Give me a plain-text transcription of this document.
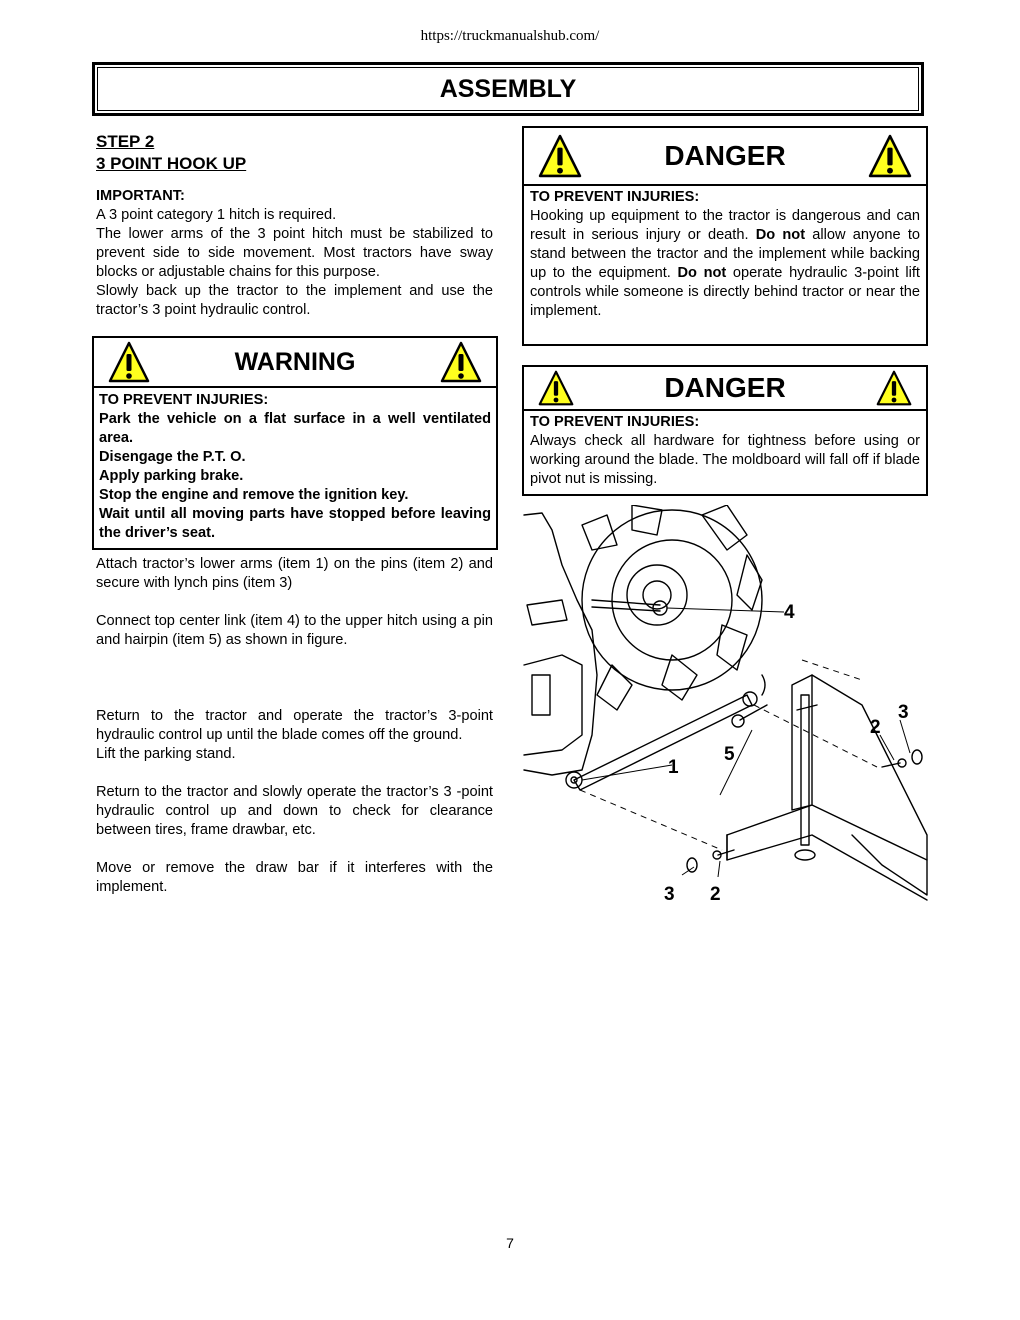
https://truckmanualshub.com/
ASSEMBLY
STEP 2
3 POINT HOOK UP
IMPORTANT:
A 3 point category 1 hitch is required.
The lower arms of the 3 point hitch must be stabilized to prevent side to side movement. Most tractors have sway blocks or adjustable chains for this purpose.
Slowly back up the tractor to the implement and use the tractor’s 3 point hydraulic control.
WARNING
TO PREVENT INJURIES:
Park the vehicle on a flat surface in a well ventilated area.
Disengage the P.T. O.
Apply parking brake.
Stop the engine and remove the ignition key.
Wait until all moving parts have stopped before leaving the driver’s seat.
Attach tractor’s lower arms (item 1) on the pins (item 2) and secure with lynch pins (item 3)
Connect top center link (item 4) to the upper hitch using a pin and hairpin (item 5) as shown in figure.
Return to the tractor and operate the tractor’s 3-point hydraulic control up until the blade comes off the ground.
Lift the parking stand.
Return to the tractor and slowly operate the tractor’s 3 -point hydraulic control up and down to check for clearance between tires, frame drawbar, etc.
Move or remove the draw bar if it interferes with the implement.
DANGER
TO PREVENT INJURIES:
Hooking up equipment to the tractor is dangerous and can result in serious injury or death. Do not allow anyone to stand between the tractor and the implement while backing up to the equipment. Do not operate hydraulic 3-point lift controls while someone is directly behind tractor or near the implement.
DANGER
TO PREVENT INJURIES:
Always check all hardware for tightness before using or working around the blade. The moldboard will fall off if blade pivot nut is missing.
4
5
1
2
3
3 2
7
